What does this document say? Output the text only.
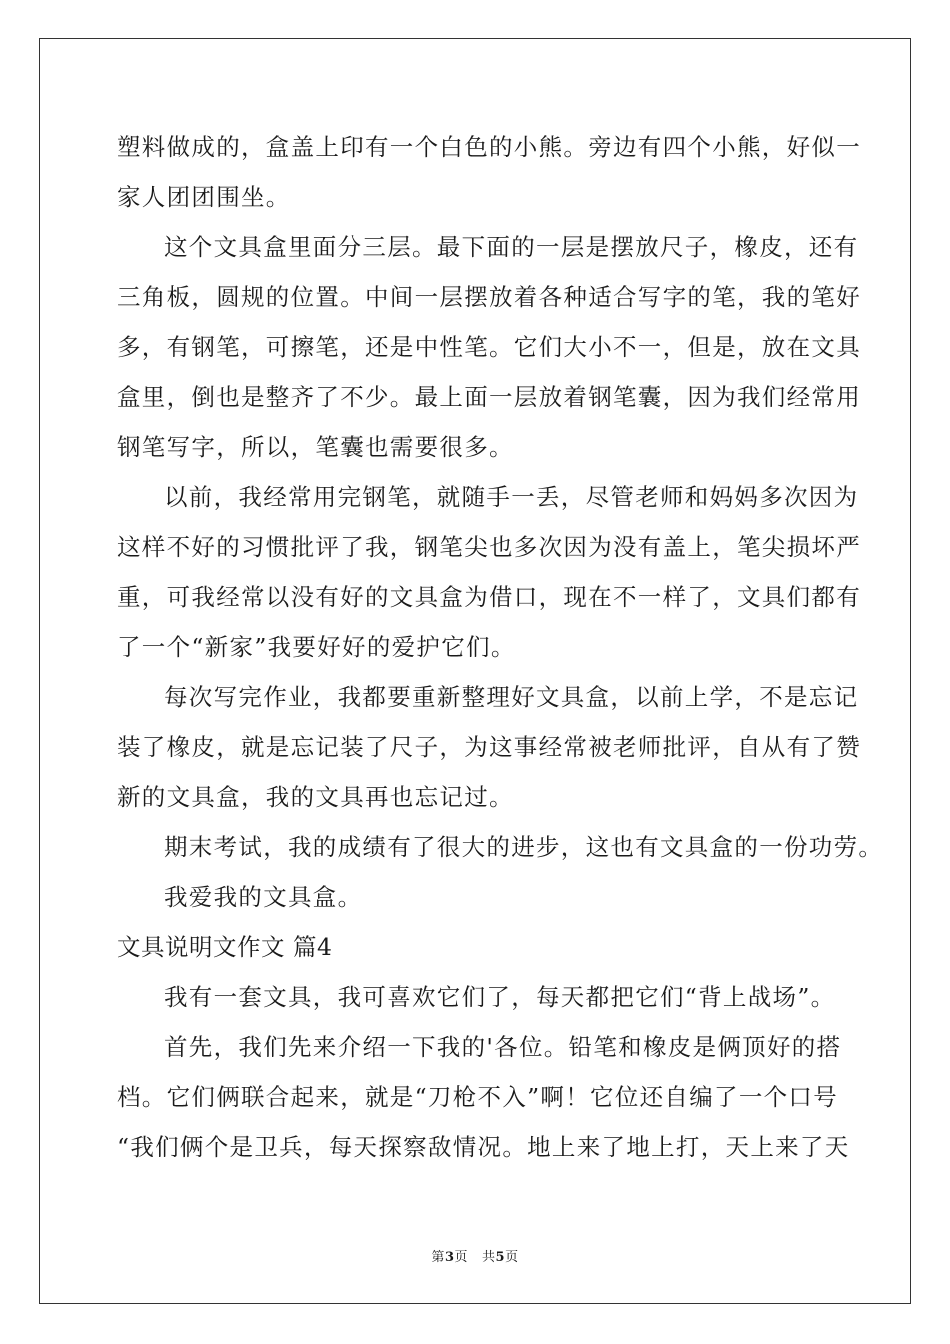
塑料做成的，盒盖上印有一个白色的小熊。旁边有四个小熊，好似一
家人团团围坐。
这个文具盒里面分三层。最下面的一层是摆放尺子，橡皮，还有
三角板，圆规的位置。中间一层摆放着各种适合写字的笔，我的笔好
多，有钢笔，可擦笔，还是中性笔。它们大小不一，但是，放在文具
盒里，倒也是整齐了不少。最上面一层放着钢笔囊，因为我们经常用
钢笔写字，所以，笔囊也需要很多。
以前，我经常用完钢笔，就随手一丢，尽管老师和妈妈多次因为
这样不好的习惯批评了我，钢笔尖也多次因为没有盖上，笔尖损坏严
重，可我经常以没有好的文具盒为借口，现在不一样了，文具们都有
了一个“新家”我要好好的爱护它们。
每次写完作业，我都要重新整理好文具盒，以前上学，不是忘记
装了橡皮，就是忘记装了尺子，为这事经常被老师批评，自从有了赞
新的文具盒，我的文具再也忘记过。
期末考试，我的成绩有了很大的进步，这也有文具盒的一份功劳。
我爱我的文具盒。
文具说明文作文 篇4
我有一套文具，我可喜欢它们了，每天都把它们“背上战场”。
首先，我们先来介绍一下我的'各位。铅笔和橡皮是俩顶好的搭
档。它们俩联合起来，就是“刀枪不入”啊！它位还自编了一个口号
“我们俩个是卫兵，每天探察敌情况。地上来了地上打，天上来了天
第3页 共5页
